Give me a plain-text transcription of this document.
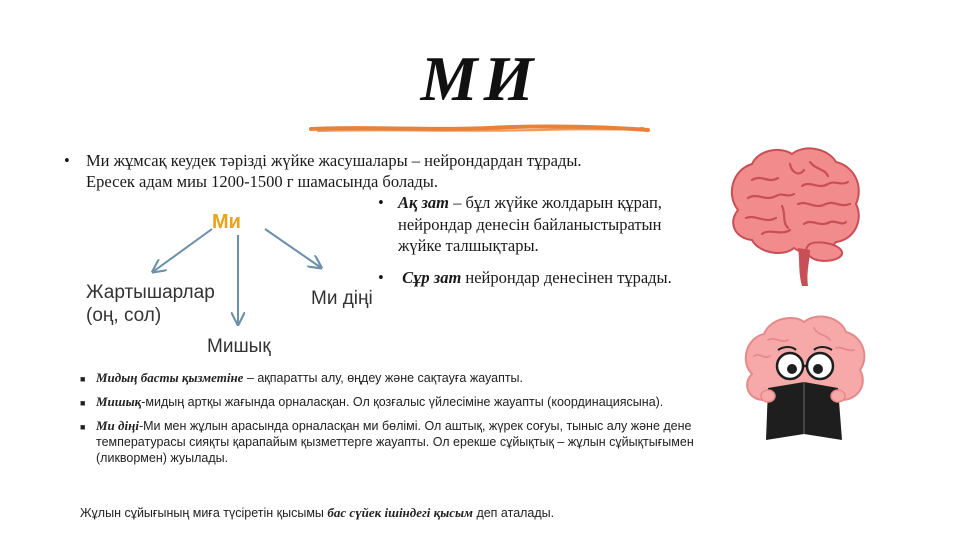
МИ
• Ми жұмсақ кеудек тәрізді жүйке жасушалары – нейрондардан тұрады.
Ересек адам миы 1200-1500 г шамасында болады.
Ми
Жартышарлар
(оң, сол)
Ми діңі
Мишық
• Ақ зат – бұл жүйке жолдарын құрап, нейрондар денесін байланыстыратын жүйке талшықтары.
•	Сұр зат нейрондар денесінен тұрады.
■ Мидың басты қызметіне – ақпаратты алу, өңдеу және сақтауға жауапты.
■ Мишық-мидың артқы жағында орналасқан. Ол қозғалыс үйлесіміне жауапты (координациясына).
■ Ми діңі-Ми мен жұлын арасында орналасқан ми бөлімі. Ол аштық, жүрек соғуы, тыныс алу және дене температурасы сияқты қарапайым қызметтерге жауапты. Ол ерекше сұйықтық – жұлын сұйықтығымен (ликвормен) жуылады.
Жұлын сұйығының миға түсіретін қысымы бас сүйек ішіндегі қысым деп аталады.
